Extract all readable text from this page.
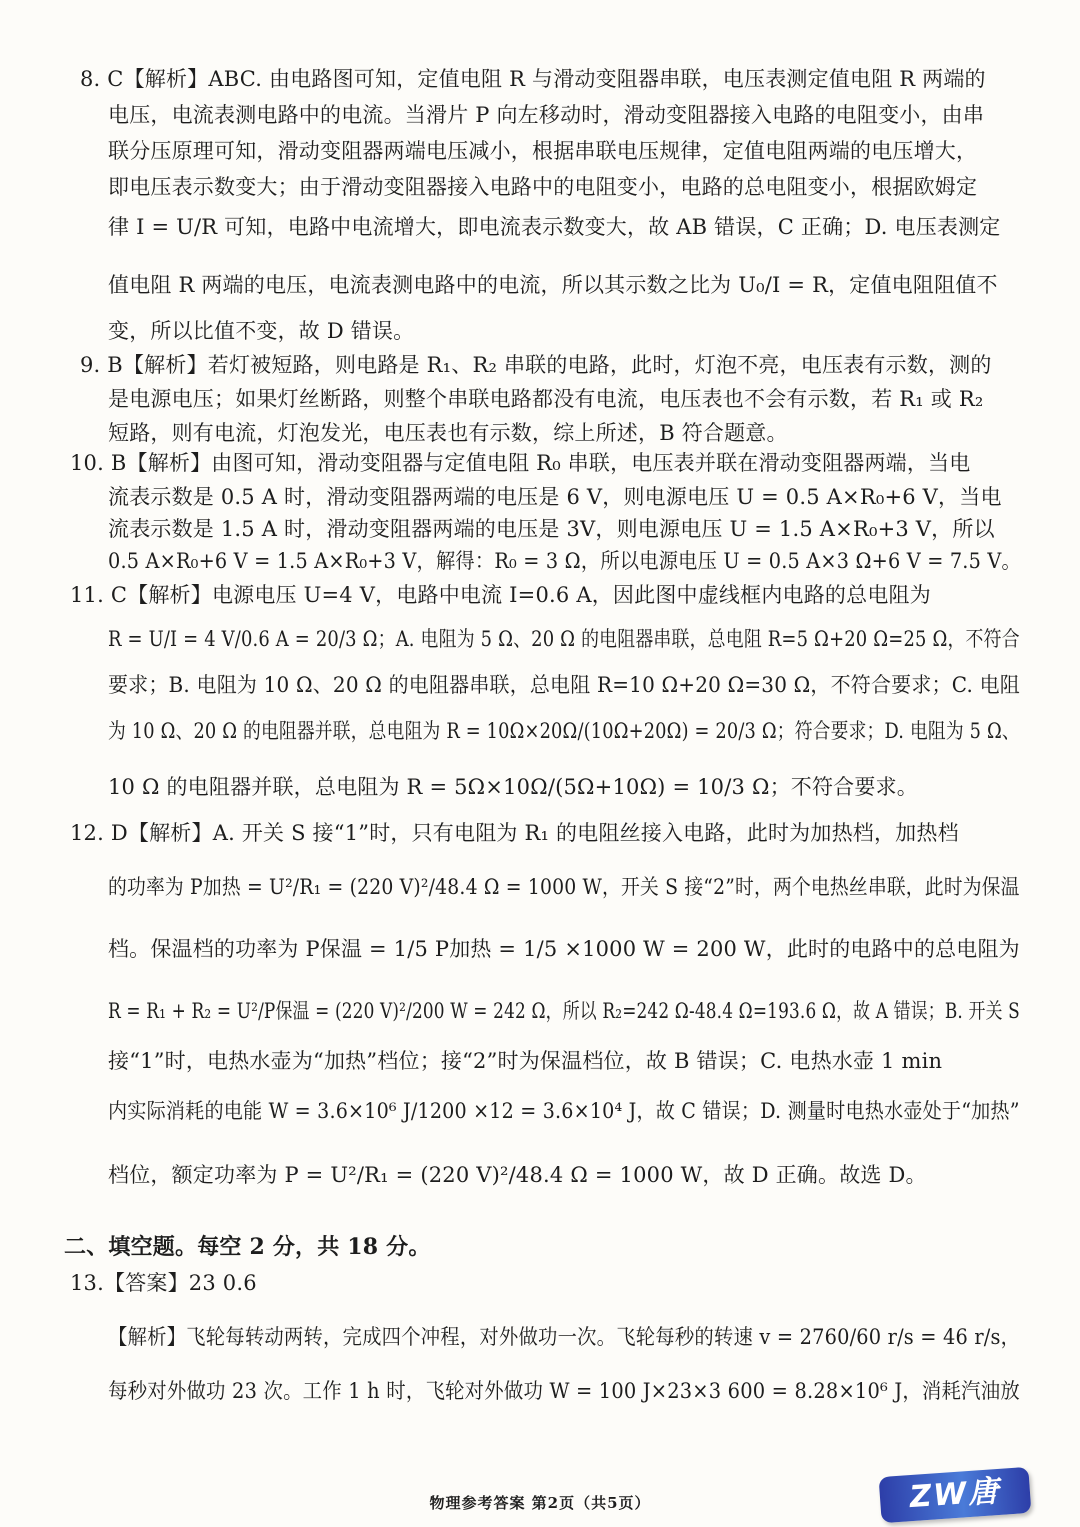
8. C【解析】ABC. 由电路图可知，定值电阻 R 与滑动变阻器串联，电压表测定值电阻 R 两端的
电压，电流表测电路中的电流。当滑片 P 向左移动时，滑动变阻器接入电路的电阻变小，由串
联分压原理可知，滑动变阻器两端电压减小，根据串联电压规律，定值电阻两端的电压增大，
即电压表示数变大；由于滑动变阻器接入电路中的电阻变小，电路的总电阻变小，根据欧姆定
律 I = U/R 可知，电路中电流增大，即电流表示数变大，故 AB 错误，C 正确；D. 电压表测定
值电阻 R 两端的电压，电流表测电路中的电流，所以其示数之比为 U₀/I = R，定值电阻阻值不
变，所以比值不变，故 D 错误。
9. B【解析】若灯被短路，则电路是 R₁、R₂ 串联的电路，此时，灯泡不亮，电压表有示数，测的
是电源电压；如果灯丝断路，则整个串联电路都没有电流，电压表也不会有示数，若 R₁ 或 R₂
短路，则有电流，灯泡发光，电压表也有示数，综上所述，B 符合题意。
10. B【解析】由图可知，滑动变阻器与定值电阻 R₀ 串联，电压表并联在滑动变阻器两端，当电
流表示数是 0.5 A 时，滑动变阻器两端的电压是 6 V，则电源电压 U = 0.5 A×R₀+6 V，当电
流表示数是 1.5 A 时，滑动变阻器两端的电压是 3V，则电源电压 U = 1.5 A×R₀+3 V，所以
0.5 A×R₀+6 V = 1.5 A×R₀+3 V，解得：R₀ = 3 Ω，所以电源电压 U = 0.5 A×3 Ω+6 V = 7.5 V。
11. C【解析】电源电压 U=4 V，电路中电流 I=0.6 A，因此图中虚线框内电路的总电阻为
R = U/I = 4 V/0.6 A = 20/3 Ω；A. 电阻为 5 Ω、20 Ω 的电阻器串联，总电阻 R=5 Ω+20 Ω=25 Ω，不符合
要求；B. 电阻为 10 Ω、20 Ω 的电阻器串联，总电阻 R=10 Ω+20 Ω=30 Ω，不符合要求；C. 电阻
为 10 Ω、20 Ω 的电阻器并联，总电阻为 R = 10Ω×20Ω/(10Ω+20Ω) = 20/3 Ω；符合要求；D. 电阻为 5 Ω、
10 Ω 的电阻器并联，总电阻为 R = 5Ω×10Ω/(5Ω+10Ω) = 10/3 Ω；不符合要求。
12. D【解析】A. 开关 S 接“1”时，只有电阻为 R₁ 的电阻丝接入电路，此时为加热档，加热档
的功率为 P加热 = U²/R₁ = (220 V)²/48.4 Ω = 1000 W，开关 S 接“2”时，两个电热丝串联，此时为保温
档。保温档的功率为 P保温 = 1/5 P加热 = 1/5 ×1000 W = 200 W，此时的电路中的总电阻为
R = R₁ + R₂ = U²/P保温 = (220 V)²/200 W = 242 Ω，所以 R₂=242 Ω-48.4 Ω=193.6 Ω，故 A 错误；B. 开关 S
接“1”时，电热水壶为“加热”档位；接“2”时为保温档位，故 B 错误；C. 电热水壶 1 min
内实际消耗的电能 W = 3.6×10⁶ J/1200 ×12 = 3.6×10⁴ J，故 C 错误；D. 测量时电热水壶处于“加热”
档位，额定功率为 P = U²/R₁ = (220 V)²/48.4 Ω = 1000 W，故 D 正确。故选 D。
二、填空题。每空 2 分，共 18 分。
13.【答案】23 0.6
【解析】飞轮每转动两转，完成四个冲程，对外做功一次。飞轮每秒的转速 v = 2760/60 r/s = 46 r/s，
每秒对外做功 23 次。工作 1 h 时，飞轮对外做功 W = 100 J×23×3 600 = 8.28×10⁶ J，消耗汽油放
物理参考答案 第2页（共5页）	ZW唐
